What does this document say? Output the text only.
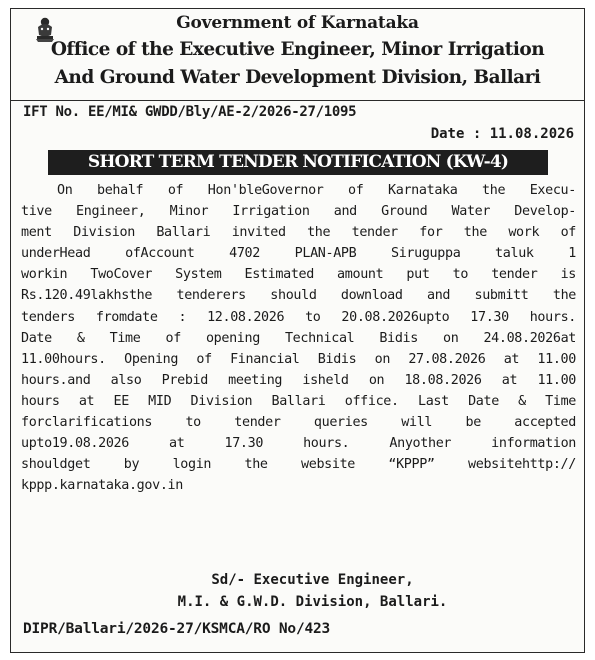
Government of Karnataka
Office of the Executive Engineer, Minor Irrigation
And Ground Water Development Division, Ballari
IFT No. EE/MI& GWDD/Bly/AE-2/2026-27/1095
Date : 11.08.2026
SHORT TERM TENDER NOTIFICATION (KW-4)
On behalf of Hon'bleGovernor of Karnataka the Execu-
tive Engineer, Minor Irrigation and Ground Water Develop-
ment Division Ballari invited the tender for the work of
underHead ofAccount 4702 PLAN-APB Siruguppa taluk 1
workin TwoCover System Estimated amount put to tender is
Rs.120.49lakhsthe tenderers should download and submitt the
tenders fromdate : 12.08.2026 to 20.08.2026upto 17.30 hours.
Date & Time of opening Technical Bidis on 24.08.2026at
11.00hours. Opening of Financial Bidis on 27.08.2026 at 11.00
hours.and also Prebid meeting isheld on 18.08.2026 at 11.00
hours at EE MID Division Ballari office. Last Date & Time
forclarifications to tender queries will be accepted
upto19.08.2026 at 17.30 hours. Anyother information
shouldget by login the website “KPPP” websitehttp://
kppp.karnataka.gov.in
Sd/- Executive Engineer,
M.I. & G.W.D. Division, Ballari.
DIPR/Ballari/2026-27/KSMCA/RO No/423
